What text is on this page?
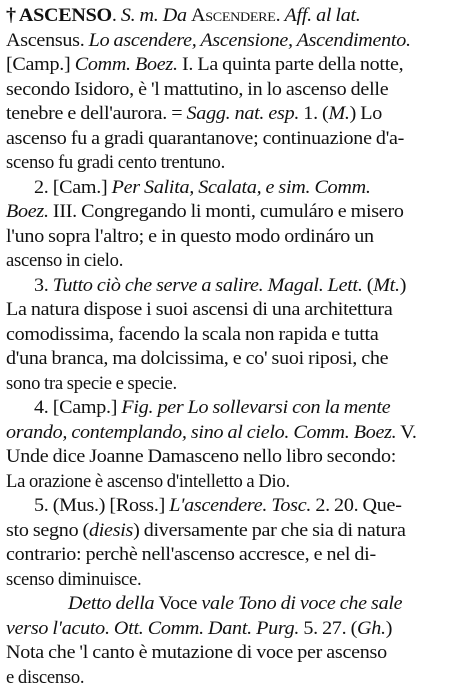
† ASCENSO. S. m. Da Ascendere. Aff. al lat.
Ascensus. Lo ascendere, Ascensione, Ascendimento.
[Camp.] Comm. Boez. I. La quinta parte della notte,
secondo Isidoro, è 'l mattutino, in lo ascenso delle
tenebre e dell'aurora. = Sagg. nat. esp. 1. (M.) Lo
ascenso fu a gradi quarantanove; continuazione d'a-
scenso fu gradi cento trentuno.
2. [Cam.] Per Salita, Scalata, e sim. Comm.
Boez. III. Congregando li monti, cumuláro e misero
l'uno sopra l'altro; e in questo modo ordináro un
ascenso in cielo.
3. Tutto ciò che serve a salire. Magal. Lett. (Mt.)
La natura dispose i suoi ascensi di una architettura
comodissima, facendo la scala non rapida e tutta
d'una branca, ma dolcissima, e co' suoi riposi, che
sono tra specie e specie.
4. [Camp.] Fig. per Lo sollevarsi con la mente
orando, contemplando, sino al cielo. Comm. Boez. V.
Unde dice Joanne Damasceno nello libro secondo:
La orazione è ascenso d'intelletto a Dio.
5. (Mus.) [Ross.] L'ascendere. Tosc. 2. 20. Que-
sto segno (diesis) diversamente par che sia di natura
contrario: perchè nell'ascenso accresce, e nel di-
scenso diminuisce.
Detto della Voce vale Tono di voce che sale
verso l'acuto. Ott. Comm. Dant. Purg. 5. 27. (Gh.)
Nota che 'l canto è mutazione di voce per ascenso
e discenso.
